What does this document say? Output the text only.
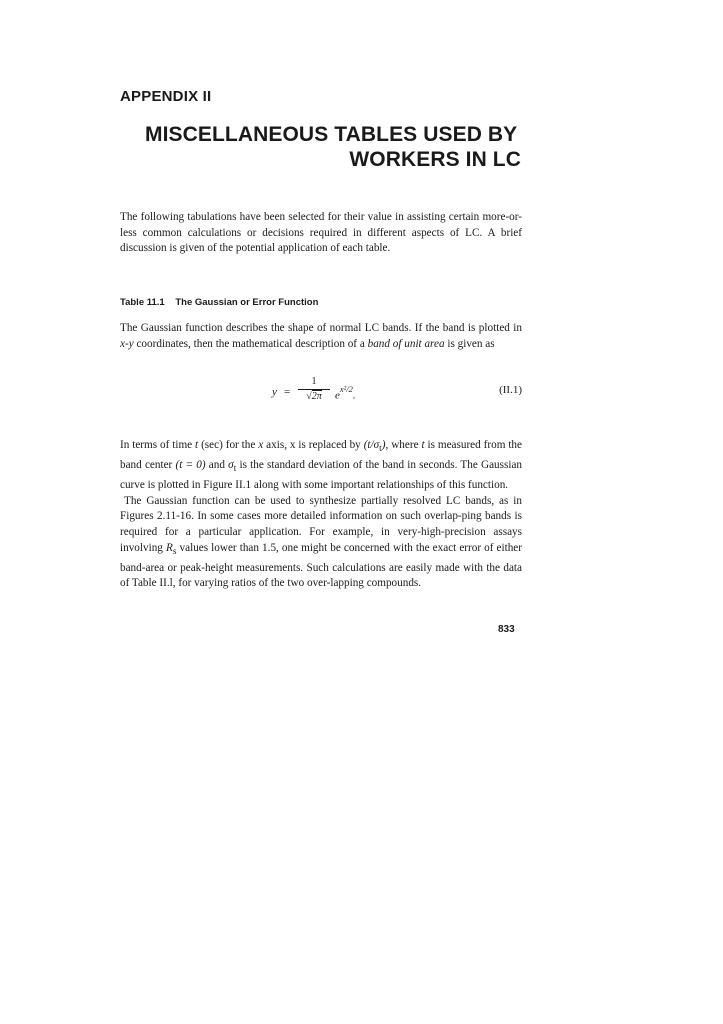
APPENDIX II
MISCELLANEOUS TABLES USED BY
WORKERS IN LC

The following tabulations have been selected for their value in assisting certain more-or-less common calculations or decisions required in different aspects of LC. A brief discussion is given of the potential application of each table.

Table 11.1 The Gaussian or Error Function

The Gaussian function describes the shape of normal LC bands. If the band is plotted in x-y coordinates, then the mathematical description of a band of unit area is given as

y =
1
√2π	$e^{x^2/2}$.	(II.1)

In terms of time t (sec) for the x axis, x is replaced by $(t/\sigma_t)$, where t is measured from the band center (t = 0) and $\sigma_t$ is the standard deviation of the band in seconds. The Gaussian curve is plotted in Figure II.1 along with some important relationships of this function.
The Gaussian function can be used to synthesize partially resolved LC bands, as in Figures 2.11-16. In some cases more detailed information on such overlap-ping bands is required for a particular application. For example, in very-high-precision assays involving $R_s$ values lower than 1.5, one might be concerned with the exact error of either band-area or peak-height measurements. Such calculations are easily made with the data of Table II.l, for varying ratios of the two over-lapping compounds.

833
